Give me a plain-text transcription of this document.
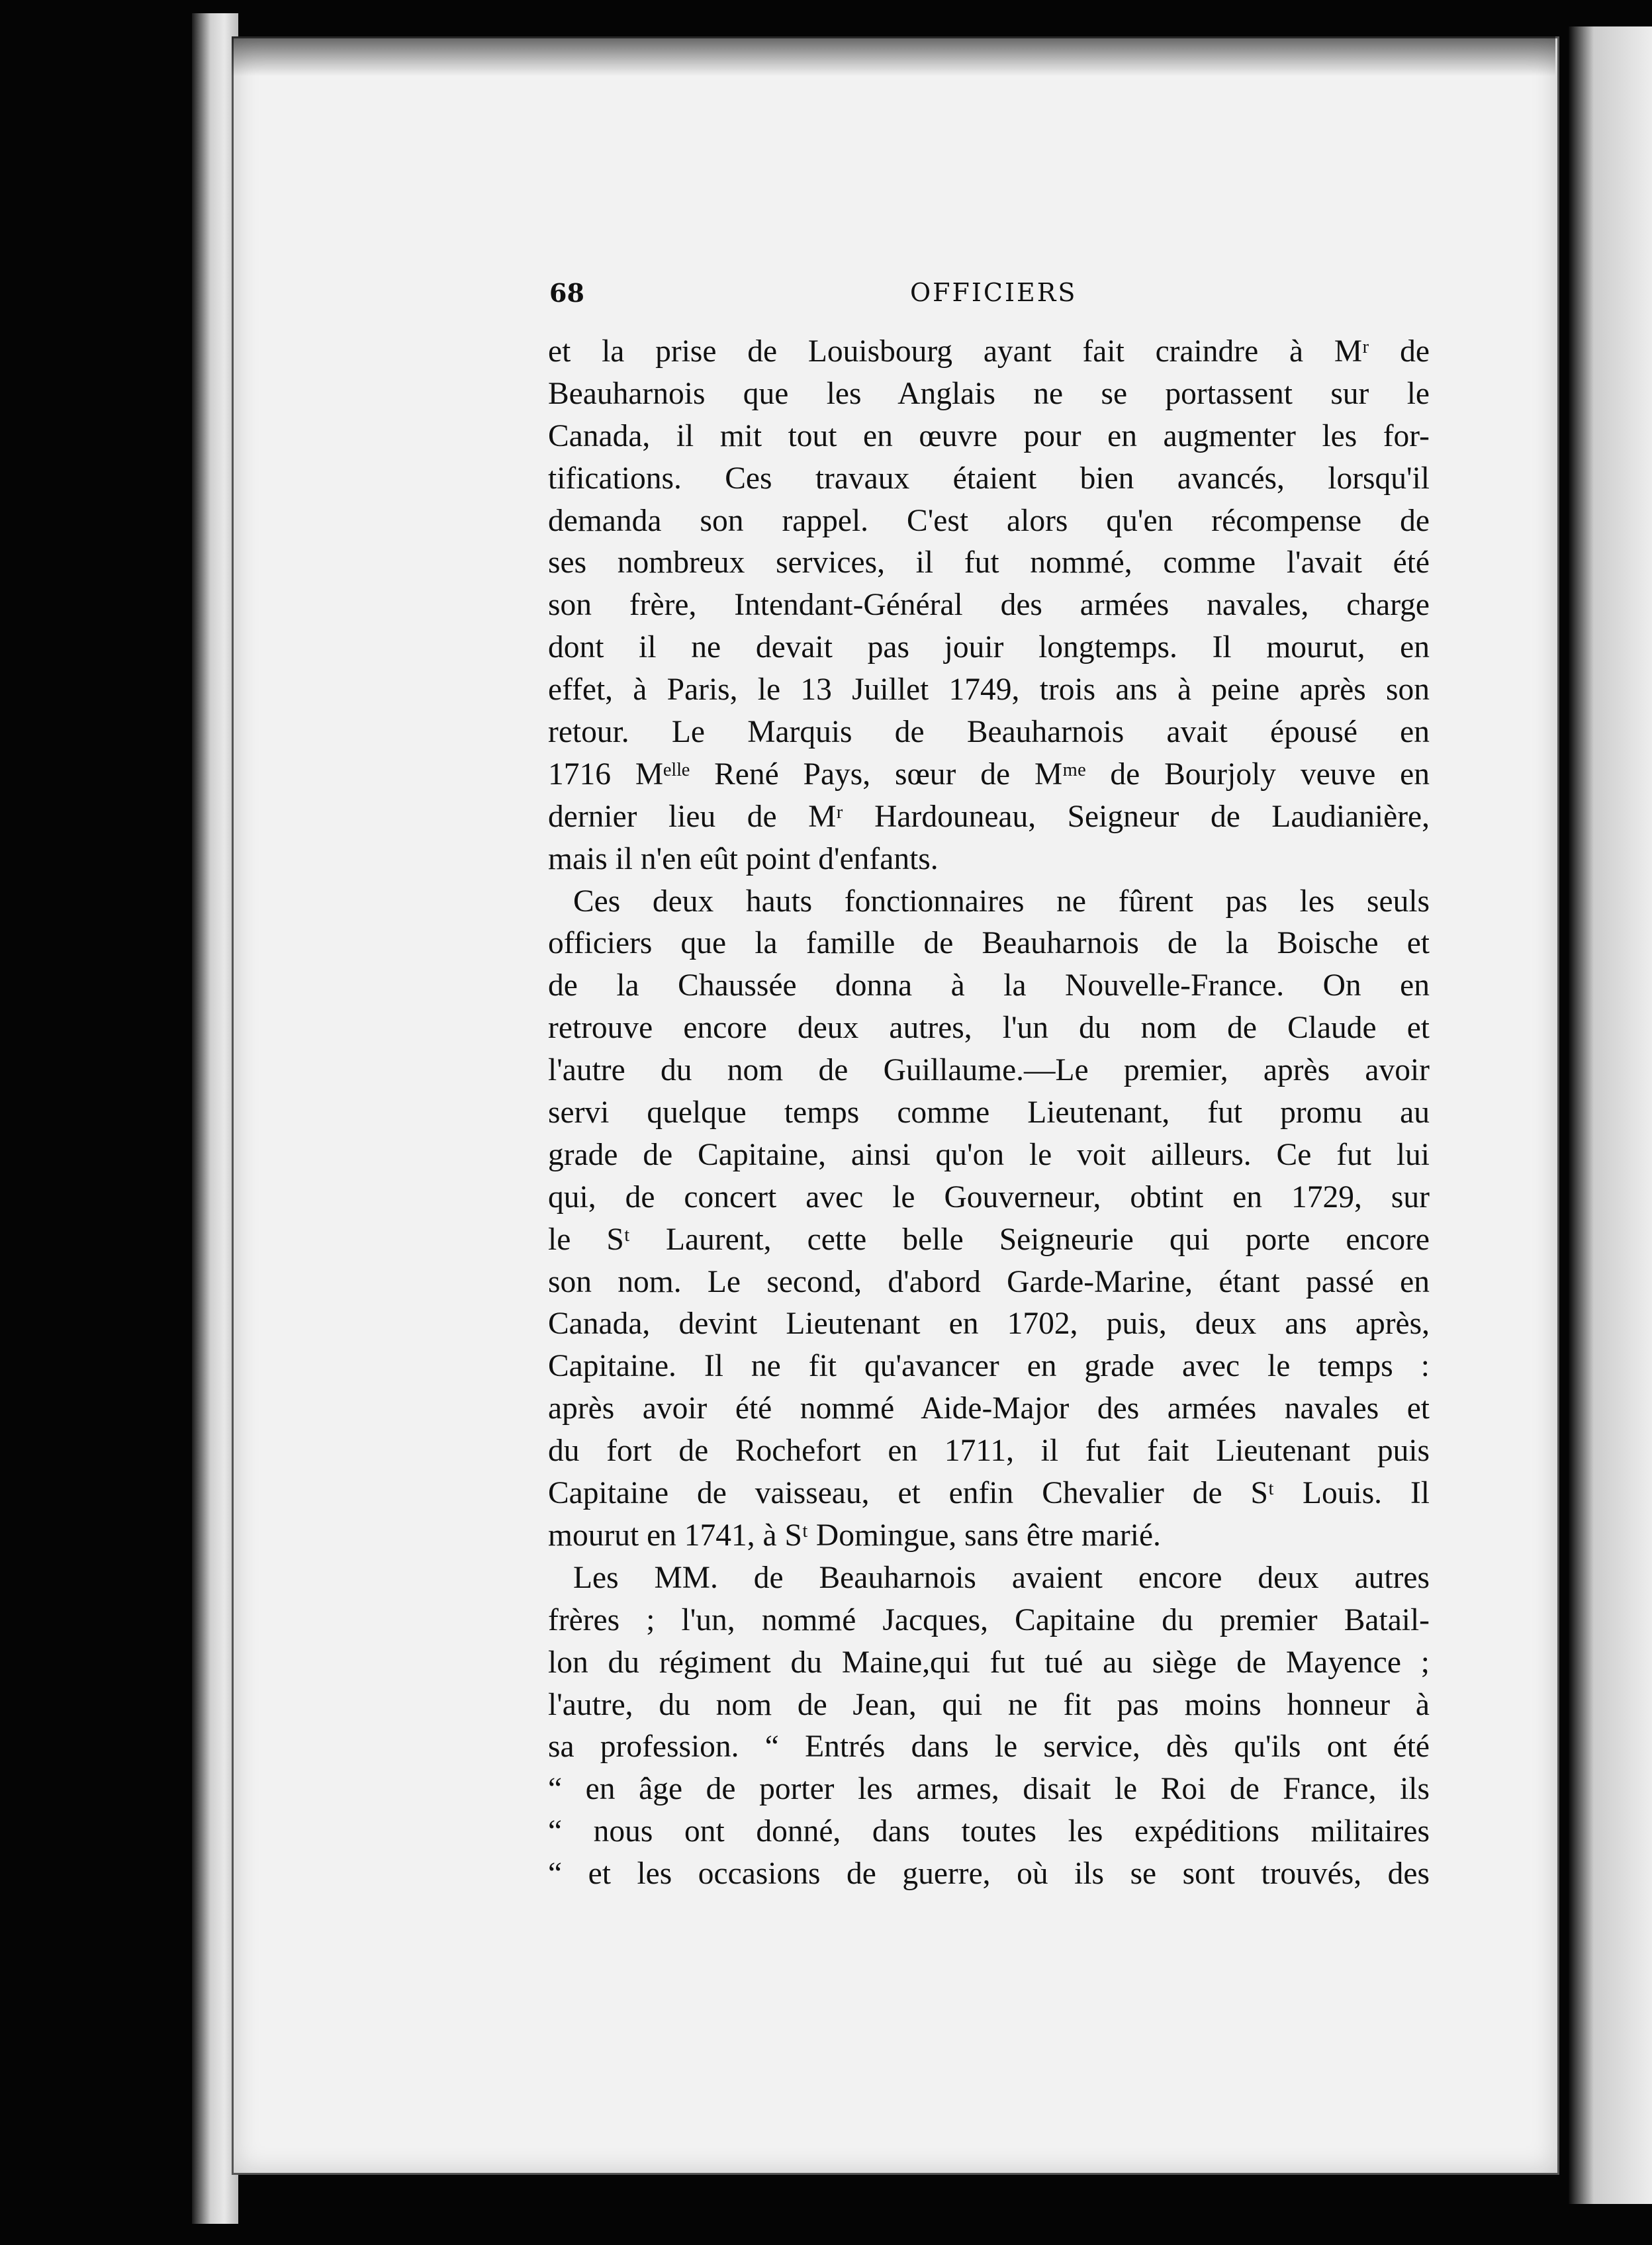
68	OFFICIERS
et la prise de Louisbourg ayant fait craindre à Mʳ de
Beauharnois que les Anglais ne se portassent sur le
Canada, il mit tout en œuvre pour en augmenter les for-
tifications. Ces travaux étaient bien avancés, lorsqu'il
demanda son rappel. C'est alors qu'en récompense de
ses nombreux services, il fut nommé, comme l'avait été
son frère, Intendant-Général des armées navales, charge
dont il ne devait pas jouir longtemps. Il mourut, en
effet, à Paris, le 13 Juillet 1749, trois ans à peine après son
retour. Le Marquis de Beauharnois avait épousé en
1716 Mᵉˡˡᵉ René Pays, sœur de Mᵐᵉ de Bourjoly veuve en
dernier lieu de Mʳ Hardouneau, Seigneur de Laudianière,
mais il n'en eût point d'enfants.
Ces deux hauts fonctionnaires ne fûrent pas les seuls
officiers que la famille de Beauharnois de la Boische et
de la Chaussée donna à la Nouvelle-France. On en
retrouve encore deux autres, l'un du nom de Claude et
l'autre du nom de Guillaume.—Le premier, après avoir
servi quelque temps comme Lieutenant, fut promu au
grade de Capitaine, ainsi qu'on le voit ailleurs. Ce fut lui
qui, de concert avec le Gouverneur, obtint en 1729, sur
le Sᵗ Laurent, cette belle Seigneurie qui porte encore
son nom. Le second, d'abord Garde-Marine, étant passé en
Canada, devint Lieutenant en 1702, puis, deux ans après,
Capitaine. Il ne fit qu'avancer en grade avec le temps :
après avoir été nommé Aide-Major des armées navales et
du fort de Rochefort en 1711, il fut fait Lieutenant puis
Capitaine de vaisseau, et enfin Chevalier de Sᵗ Louis. Il
mourut en 1741, à Sᵗ Domingue, sans être marié.
Les MM. de Beauharnois avaient encore deux autres
frères ; l'un, nommé Jacques, Capitaine du premier Batail-
lon du régiment du Maine,qui fut tué au siège de Mayence ;
l'autre, du nom de Jean, qui ne fit pas moins honneur à
sa profession. “ Entrés dans le service, dès qu'ils ont été
“ en âge de porter les armes, disait le Roi de France, ils
“ nous ont donné, dans toutes les expéditions militaires
“ et les occasions de guerre, où ils se sont trouvés, des
